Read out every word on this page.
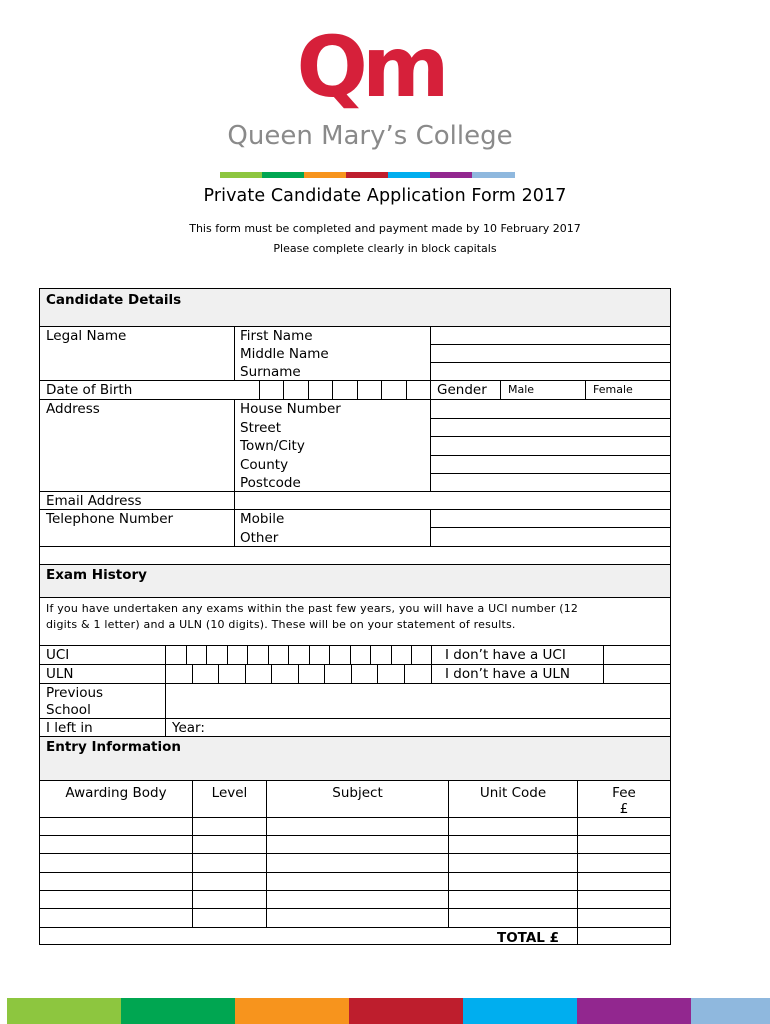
Qm
Queen Mary’s College
Private Candidate Application Form 2017
This form must be completed and payment made by 10 February 2017
Please complete clearly in block capitals
Candidate Details
Legal Name	First Name
Middle Name
Surname
Date of Birth	Gender Male	Female
Address	House Number
Street
Town/City
County
Postcode
Email Address
Telephone Number	Mobile
Other
Exam History
If you have undertaken any exams within the past few years, you will have a UCI number (12
digits & 1 letter) and a ULN (10 digits). These will be on your statement of results.
UCI	I don’t have a UCI
ULN	I don’t have a ULN
Previous
School
I left in	Year:
Entry Information
Awarding Body	Level	Subject	Unit Code	Fee
£
TOTAL £
